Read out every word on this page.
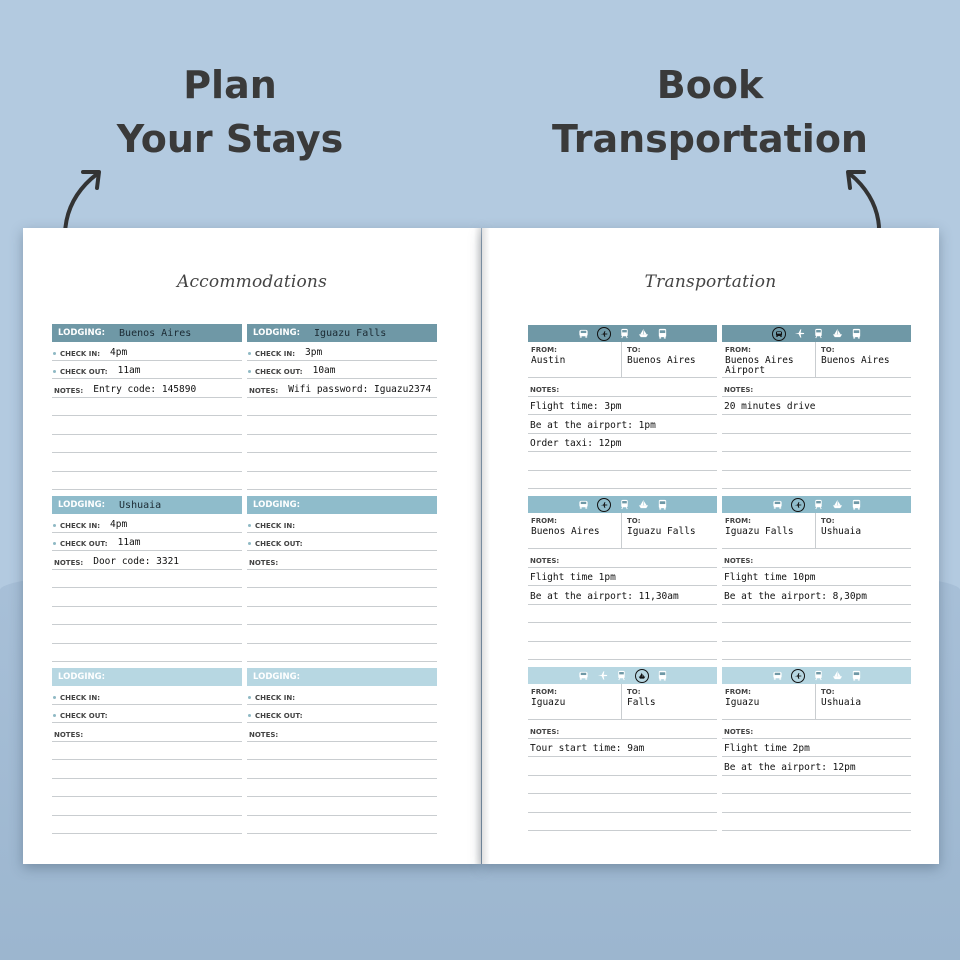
Plan
Your Stays
Book
Transportation
Accommodations
LODGING: Buenos Aires
CHECK IN: 4pm
CHECK OUT: 11am
NOTES: Entry code: 145890
LODGING: Iguazu Falls
CHECK IN: 3pm
CHECK OUT: 10am
NOTES: Wifi password: Iguazu2374
LODGING: Ushuaia
CHECK IN: 4pm
CHECK OUT: 11am
NOTES: Door code: 3321
LODGING:
CHECK IN:
CHECK OUT:
NOTES:
LODGING:
CHECK IN:
CHECK OUT:
NOTES:
LODGING:
CHECK IN:
CHECK OUT:
NOTES:
Transportation
FROM:
Austin
TO:
Buenos Aires
NOTES:
Flight time: 3pm
Be at the airport: 1pm
Order taxi: 12pm
FROM:
Buenos Aires Airport
TO:
Buenos Aires
NOTES:
20 minutes drive
FROM:
Buenos Aires
TO:
Iguazu Falls
NOTES:
Flight time 1pm
Be at the airport: 11,30am
FROM:
Iguazu Falls
TO:
Ushuaia
NOTES:
Flight time 10pm
Be at the airport: 8,30pm
FROM:
Iguazu
TO:
Falls
NOTES:
Tour start time: 9am
FROM:
Iguazu
TO:
Ushuaia
NOTES:
Flight time 2pm
Be at the airport: 12pm
